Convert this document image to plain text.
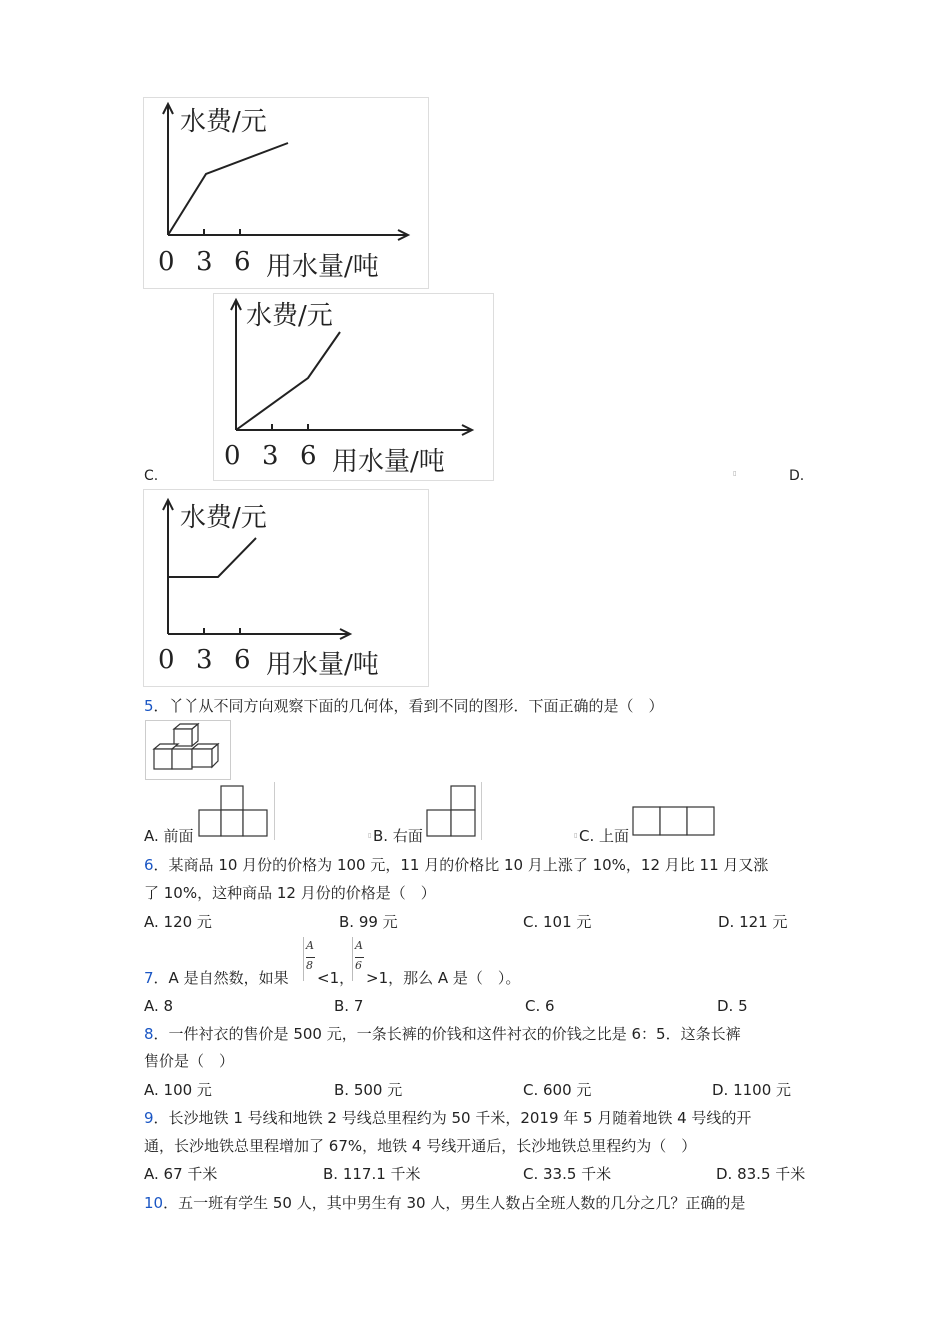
水费/元
0 3 6 用水量/吨
水费/元
0 3 6 用水量/吨
C.	▯	D.
水费/元
0 3 6 用水量/吨
5．丫丫从不同方向观察下面的几何体，看到不同的图形．下面正确的是（　）
A. 前面	▯ B. 右面	▯ C. 上面
6．某商品 10 月份的价格为 100 元，11 月的价格比 10 月上涨了 10%，12 月比 11 月又涨
了 10%，这种商品 12 月份的价格是（　）
A. 120 元	B. 99 元	C. 101 元	D. 121 元
7．A 是自然数，如果
A
8
<1，
A
6
>1，那么 A 是（　）。
A. 8	B. 7	C. 6	D. 5
8．一件衬衣的售价是 500 元，一条长裤的价钱和这件衬衣的价钱之比是 6：5．这条长裤
售价是（　）
A. 100 元	B. 500 元	C. 600 元	D. 1100 元
9．长沙地铁 1 号线和地铁 2 号线总里程约为 50 千米，2019 年 5 月随着地铁 4 号线的开
通，长沙地铁总里程增加了 67%，地铁 4 号线开通后，长沙地铁总里程约为（　）
A. 67 千米	B. 117.1 千米	C. 33.5 千米	D. 83.5 千米
10．五一班有学生 50 人，其中男生有 30 人，男生人数占全班人数的几分之几？正确的是
